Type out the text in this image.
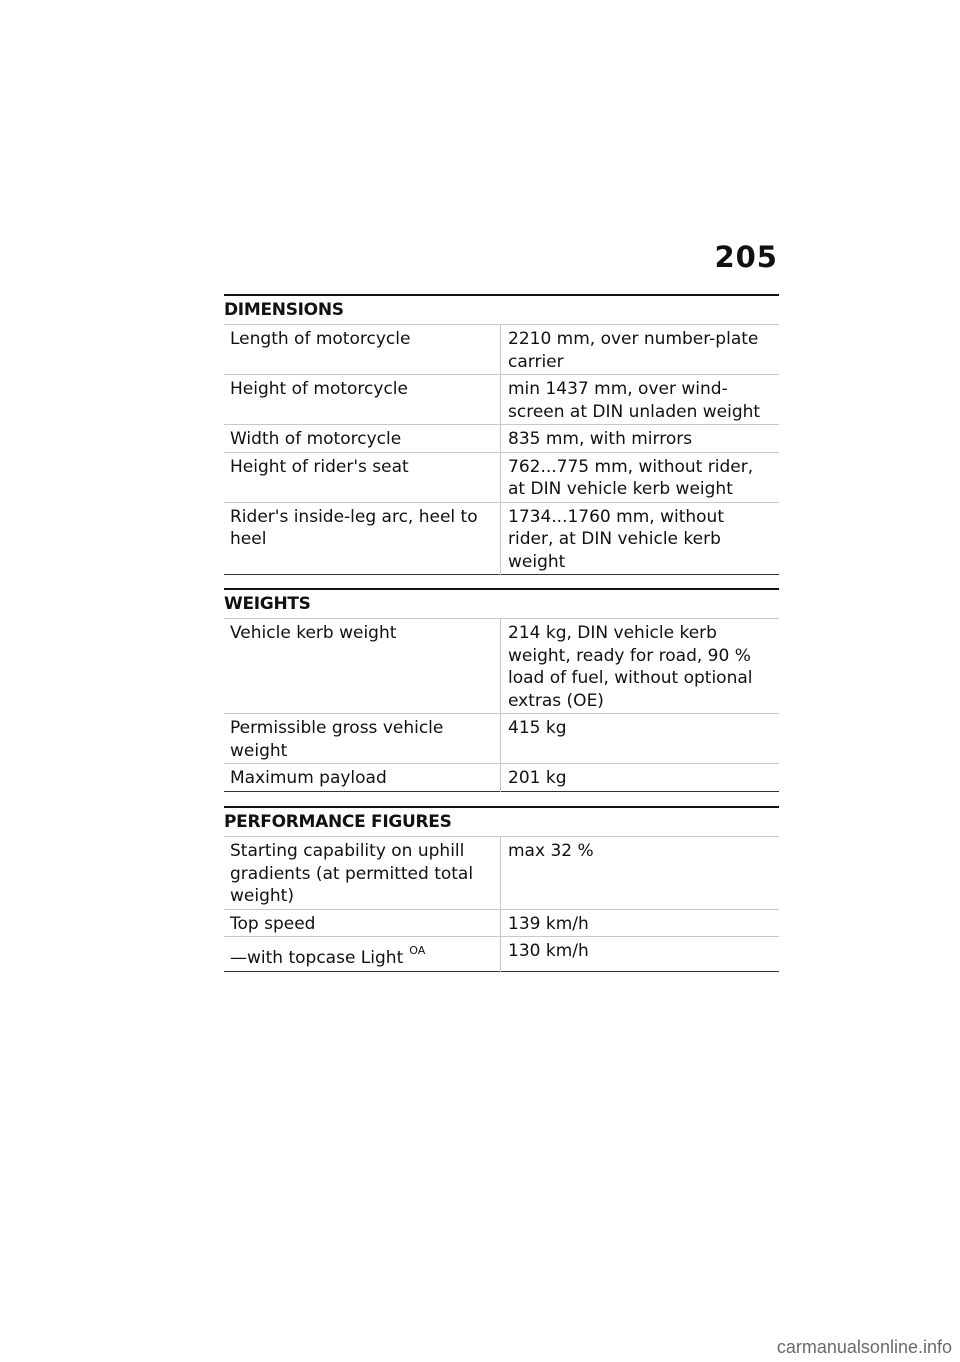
205
DIMENSIONS
Length of motorcycle	2210 mm, over number-plate carrier
Height of motorcycle	min 1437 mm, over wind-screen at DIN unladen weight
Width of motorcycle	835 mm, with mirrors
Height of rider's seat	762...775 mm, without rider, at DIN vehicle kerb weight
Rider's inside-leg arc, heel to heel	1734...1760 mm, without rider, at DIN vehicle kerb weight
WEIGHTS
Vehicle kerb weight	214 kg, DIN vehicle kerb weight, ready for road, 90 % load of fuel, without optional extras (OE)
Permissible gross vehicle weight	415 kg
Maximum payload	201 kg
PERFORMANCE FIGURES
Starting capability on uphill gradients (at permitted total weight)	max 32 %
Top speed	139 km/h
—with topcase Light $^{OA}$	130 km/h
carmanualsonline.info
